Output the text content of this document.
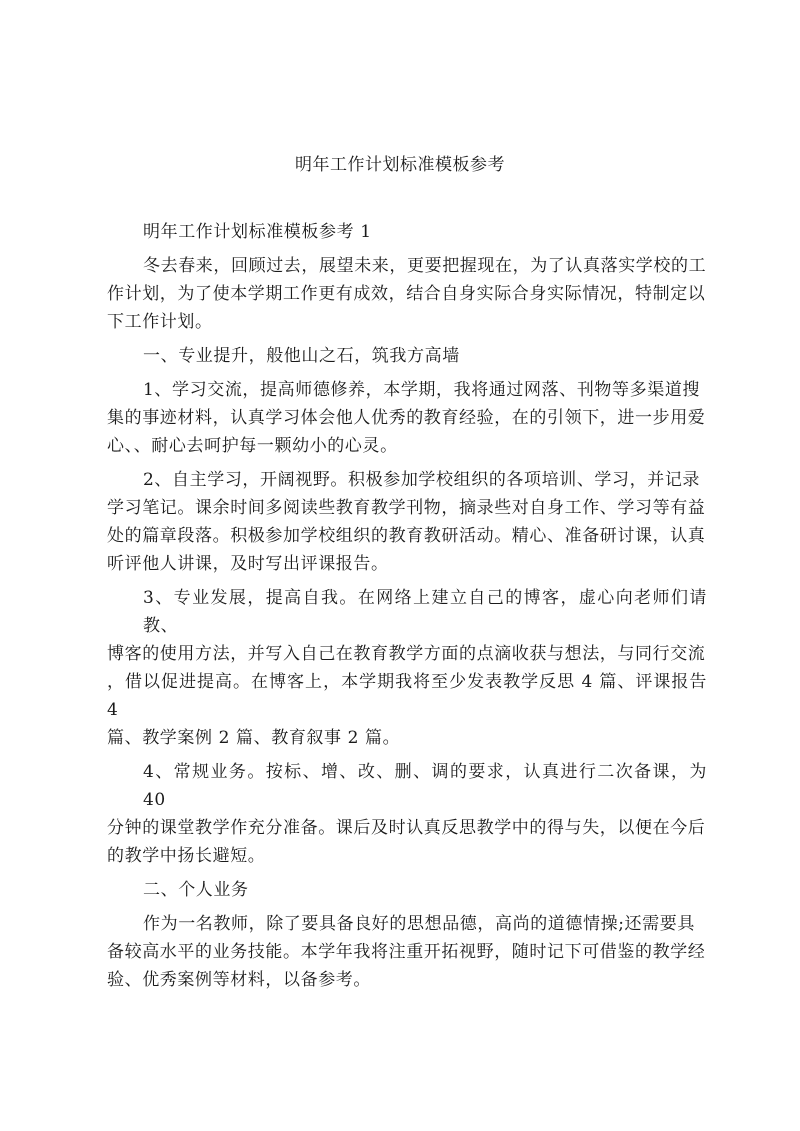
明年工作计划标准模板参考

明年工作计划标准模板参考 1

冬去春来，回顾过去，展望未来，更要把握现在，为了认真落实学校的工
作计划，为了使本学期工作更有成效，结合自身实际合身实际情况，特制定以
下工作计划。

一、专业提升，般他山之石，筑我方高墙

1、学习交流，提高师德修养，本学期，我将通过网落、刊物等多渠道搜
集的事迹材料，认真学习体会他人优秀的教育经验，在的引领下，进一步用爱
心、、耐心去呵护每一颗幼小的心灵。

2、自主学习，开阔视野。积极参加学校组织的各项培训、学习，并记录
学习笔记。课余时间多阅读些教育教学刊物，摘录些对自身工作、学习等有益
处的篇章段落。积极参加学校组织的教育教研活动。精心、准备研讨课，认真
听评他人讲课，及时写出评课报告。

3、专业发展，提高自我。在网络上建立自己的博客，虚心向老师们请教、
博客的使用方法，并写入自己在教育教学方面的点滴收获与想法，与同行交流
，借以促进提高。在博客上，本学期我将至少发表教学反思 4 篇、评课报告 4
篇、教学案例 2 篇、教育叙事 2 篇。

4、常规业务。按标、增、改、删、调的要求，认真进行二次备课，为 40
分钟的课堂教学作充分准备。课后及时认真反思教学中的得与失，以便在今后
的教学中扬长避短。

二、个人业务

作为一名教师，除了要具备良好的思想品德，高尚的道德情操;还需要具
备较高水平的业务技能。本学年我将注重开拓视野，随时记下可借鉴的教学经
验、优秀案例等材料，以备参考。
